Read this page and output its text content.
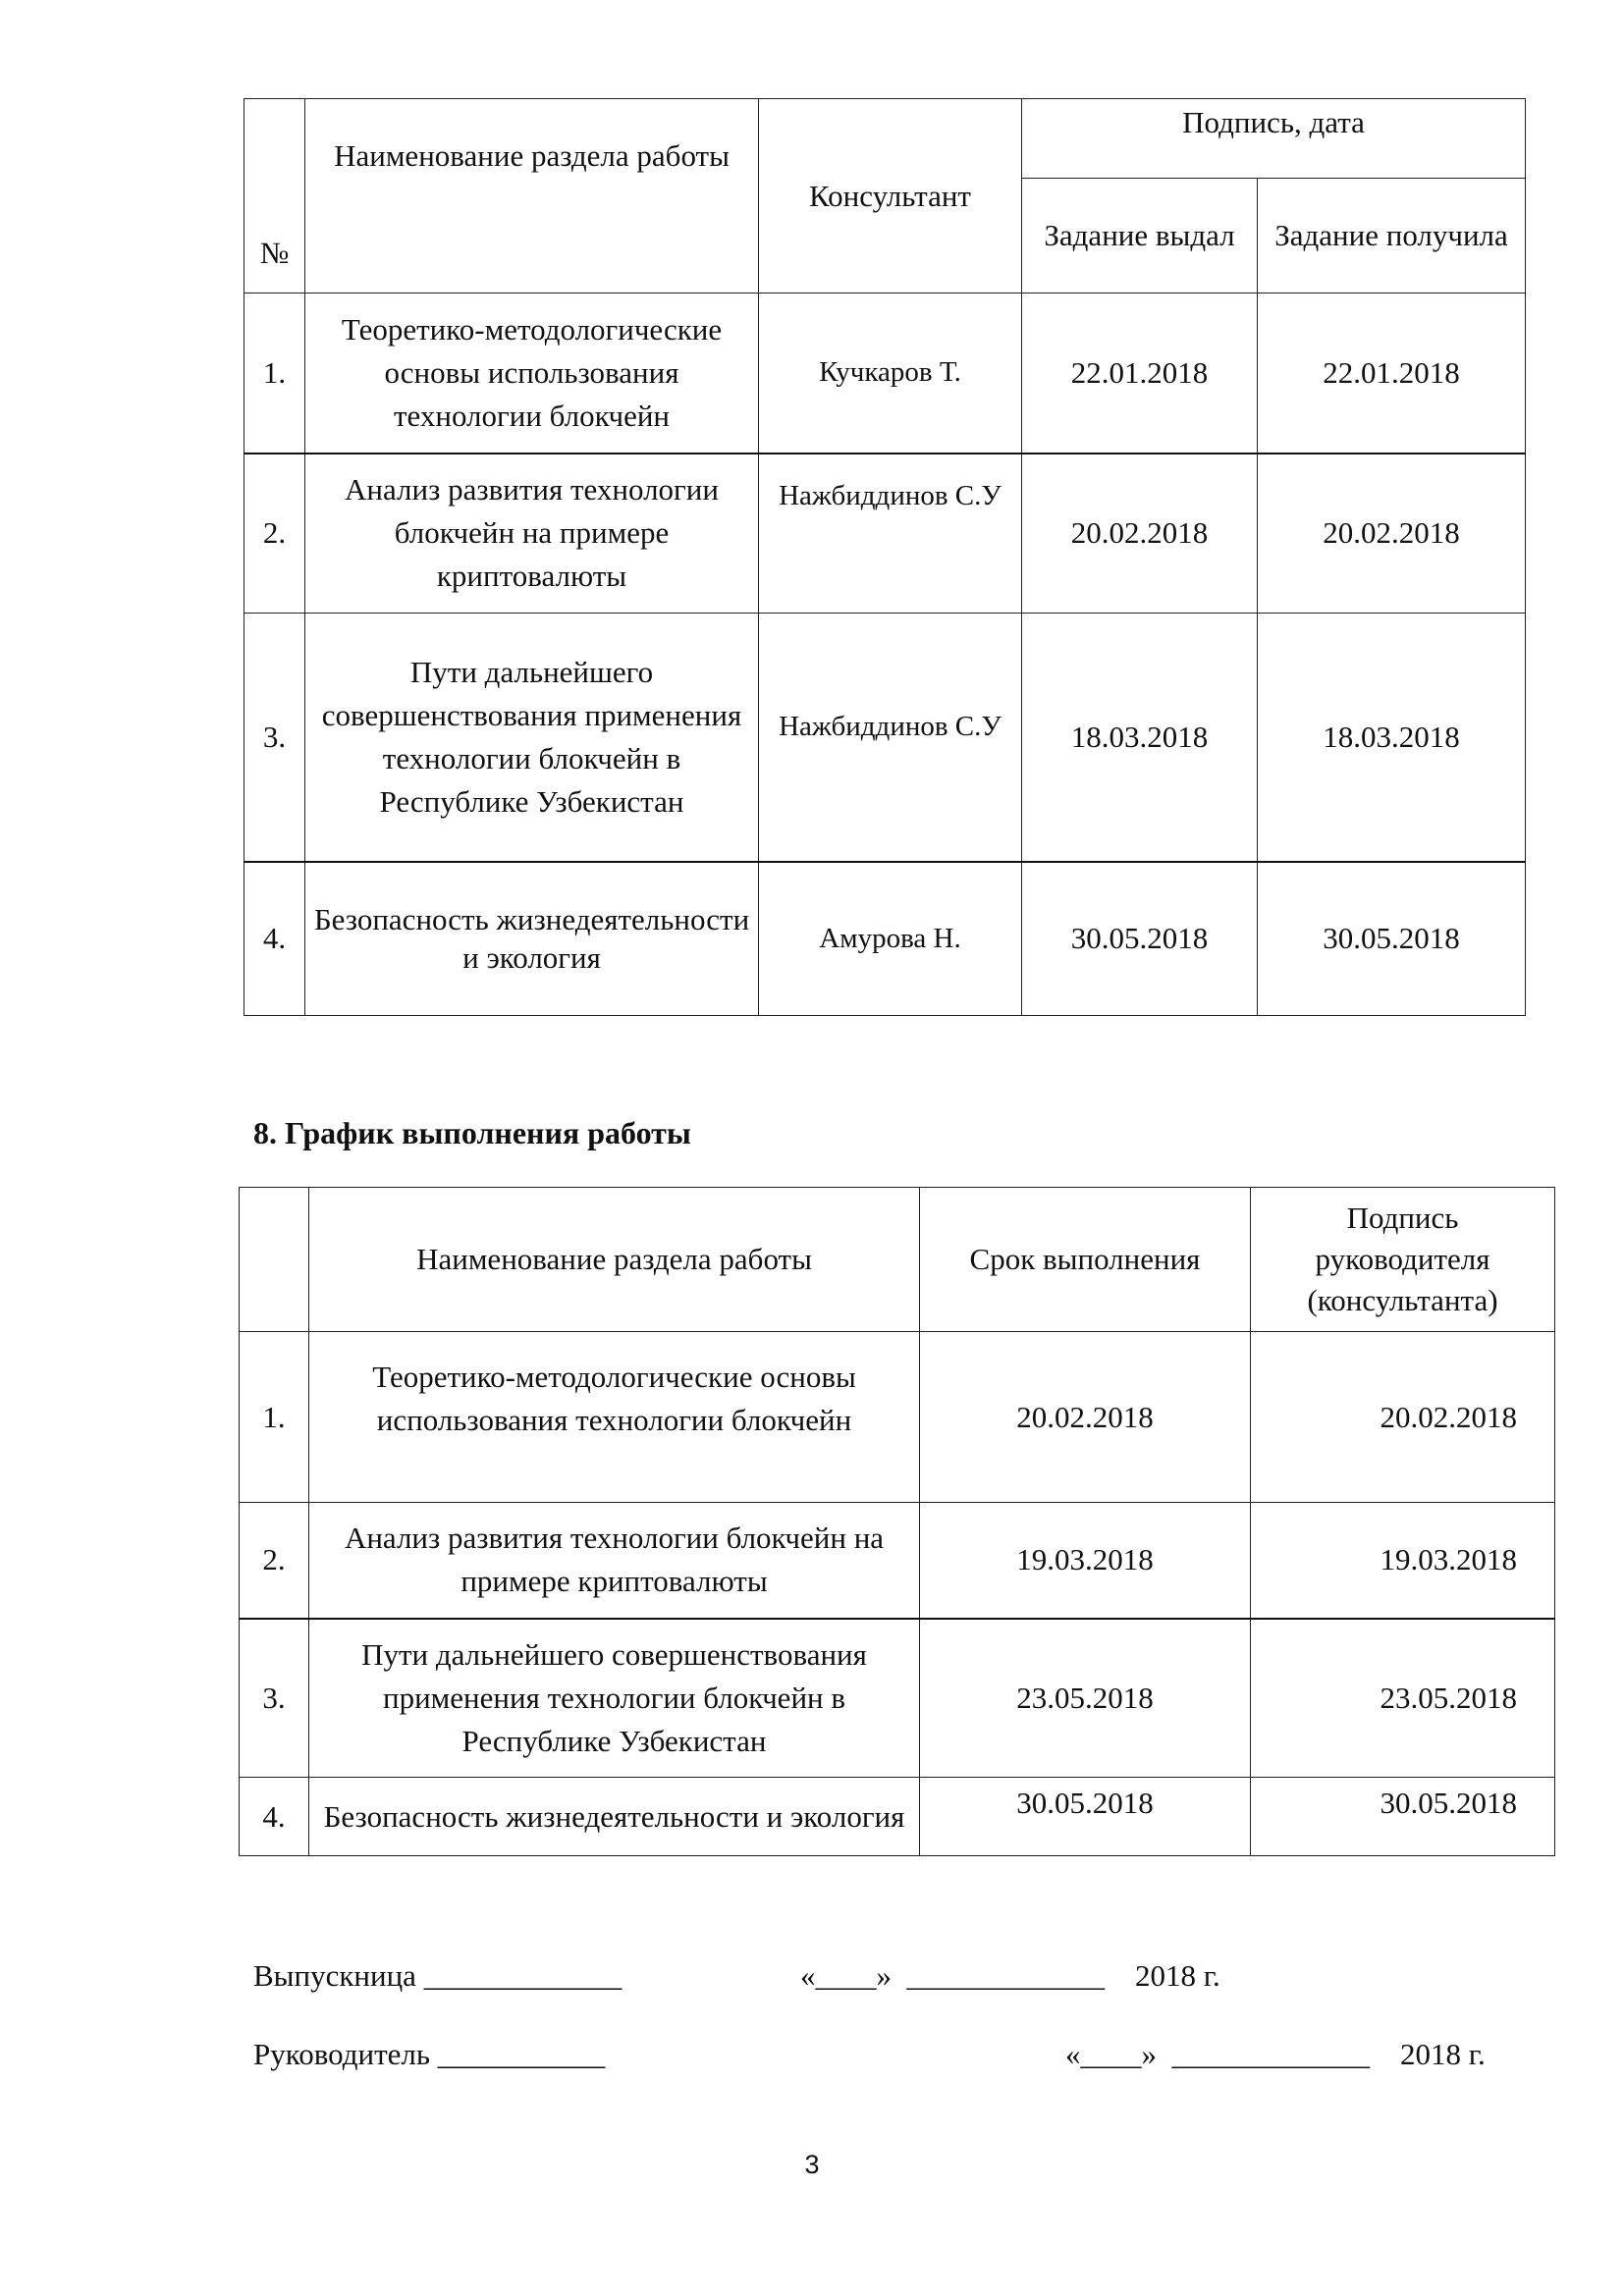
№	Наименование раздела работы	Консультант	Подпись, дата	
			Задание выдал	Задание получила
1.	Теоретико-методологические основы использования технологии блокчейн	Кучкаров Т.	22.01.2018	22.01.2018
2.	Анализ развития технологии блокчейн на примере криптовалюты	Нажбиддинов С.У	20.02.2018	20.02.2018
3.	Пути дальнейшего совершенствования применения технологии блокчейн в Республике Узбекистан	Нажбиддинов С.У	18.03.2018	18.03.2018
4.	Безопасность жизнедеятельности и экология	Амурова Н.	30.05.2018	30.05.2018
8. График выполнения работы
	Наименование раздела работы	Срок выполнения	Подпись руководителя (консультанта)
1.	Теоретико-методологические основы использования технологии блокчейн	20.02.2018	20.02.2018
2.	Анализ развития технологии блокчейн на примере криптовалюты	19.03.2018	19.03.2018
3.	Пути дальнейшего совершенствования применения технологии блокчейн в Республике Узбекистан	23.05.2018	23.05.2018
4.	Безопасность жизнедеятельности и экология	30.05.2018	30.05.2018
Выпускница _____________	«____»  _____________    2018 г.
Руководитель ___________	«____»  _____________    2018 г.
3
